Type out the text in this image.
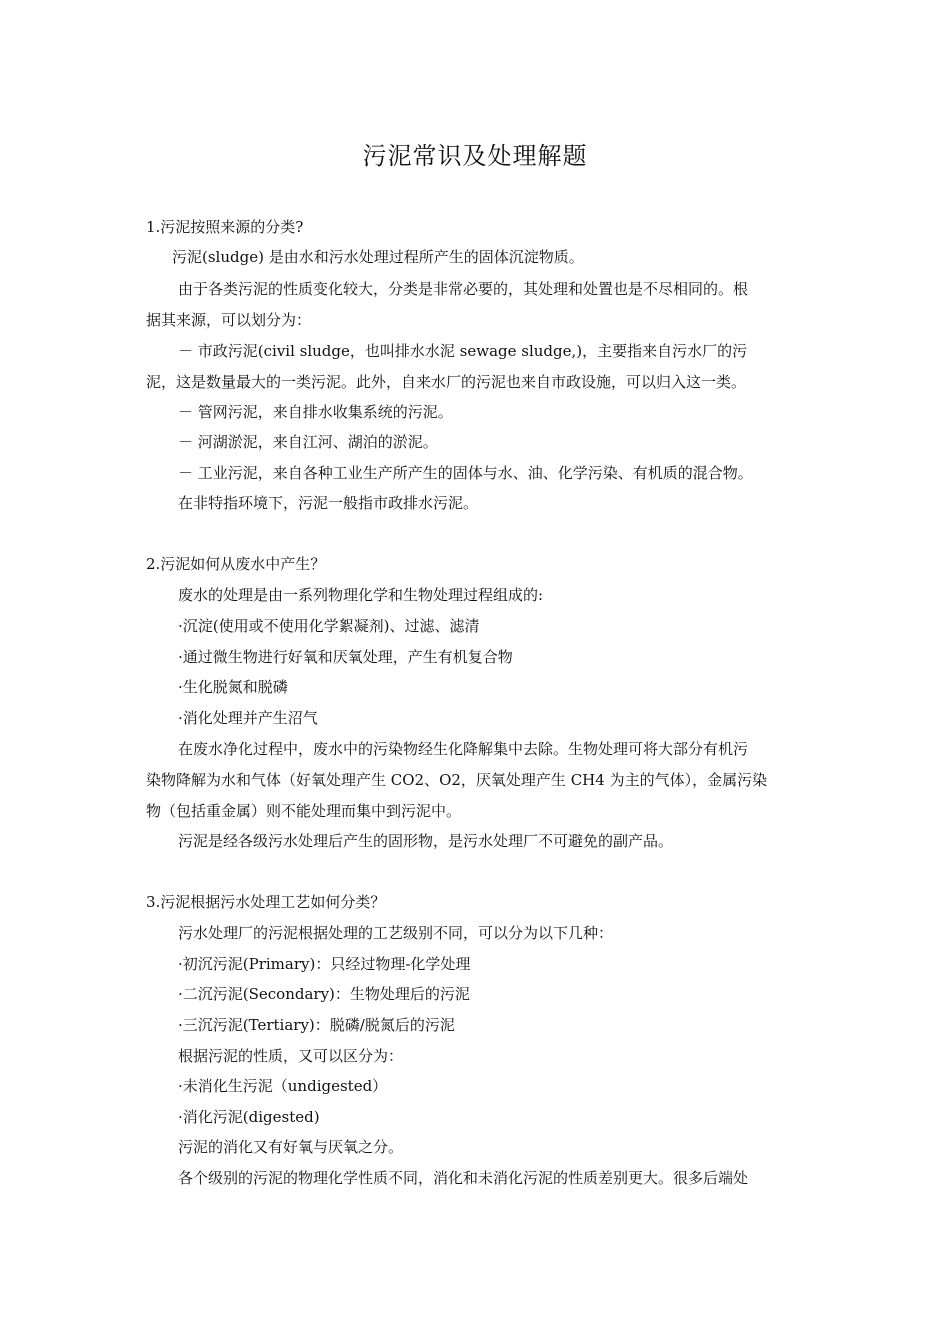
污泥常识及处理解题
1.污泥按照来源的分类?
污泥(sludge) 是由水和污水处理过程所产生的固体沉淀物质。
由于各类污泥的性质变化较大，分类是非常必要的，其处理和处置也是不尽相同的。根
据其来源，可以划分为：
－ 市政污泥(civil sludge，也叫排水水泥 sewage sludge,)，主要指来自污水厂的污
泥，这是数量最大的一类污泥。此外，自来水厂的污泥也来自市政设施，可以归入这一类。
－ 管网污泥，来自排水收集系统的污泥。
－ 河湖淤泥，来自江河、湖泊的淤泥。
－ 工业污泥，来自各种工业生产所产生的固体与水、油、化学污染、有机质的混合物。
在非特指环境下，污泥一般指市政排水污泥。
2.污泥如何从废水中产生？
废水的处理是由一系列物理化学和生物处理过程组成的:
·沉淀(使用或不使用化学絮凝剂)、过滤、滤清
·通过微生物进行好氧和厌氧处理，产生有机复合物
·生化脱氮和脱磷
·消化处理并产生沼气
在废水净化过程中，废水中的污染物经生化降解集中去除。生物处理可将大部分有机污
染物降解为水和气体（好氧处理产生 CO2、O2，厌氧处理产生 CH4 为主的气体），金属污染
物（包括重金属）则不能处理而集中到污泥中。
污泥是经各级污水处理后产生的固形物，是污水处理厂不可避免的副产品。
3.污泥根据污水处理工艺如何分类？
污水处理厂的污泥根据处理的工艺级别不同，可以分为以下几种：
·初沉污泥(Primary)：只经过物理-化学处理
·二沉污泥(Secondary)：生物处理后的污泥
·三沉污泥(Tertiary)：脱磷/脱氮后的污泥
根据污泥的性质，又可以区分为：
·未消化生污泥（undigested）
·消化污泥(digested)
污泥的消化又有好氧与厌氧之分。
各个级别的污泥的物理化学性质不同，消化和未消化污泥的性质差别更大。很多后端处
